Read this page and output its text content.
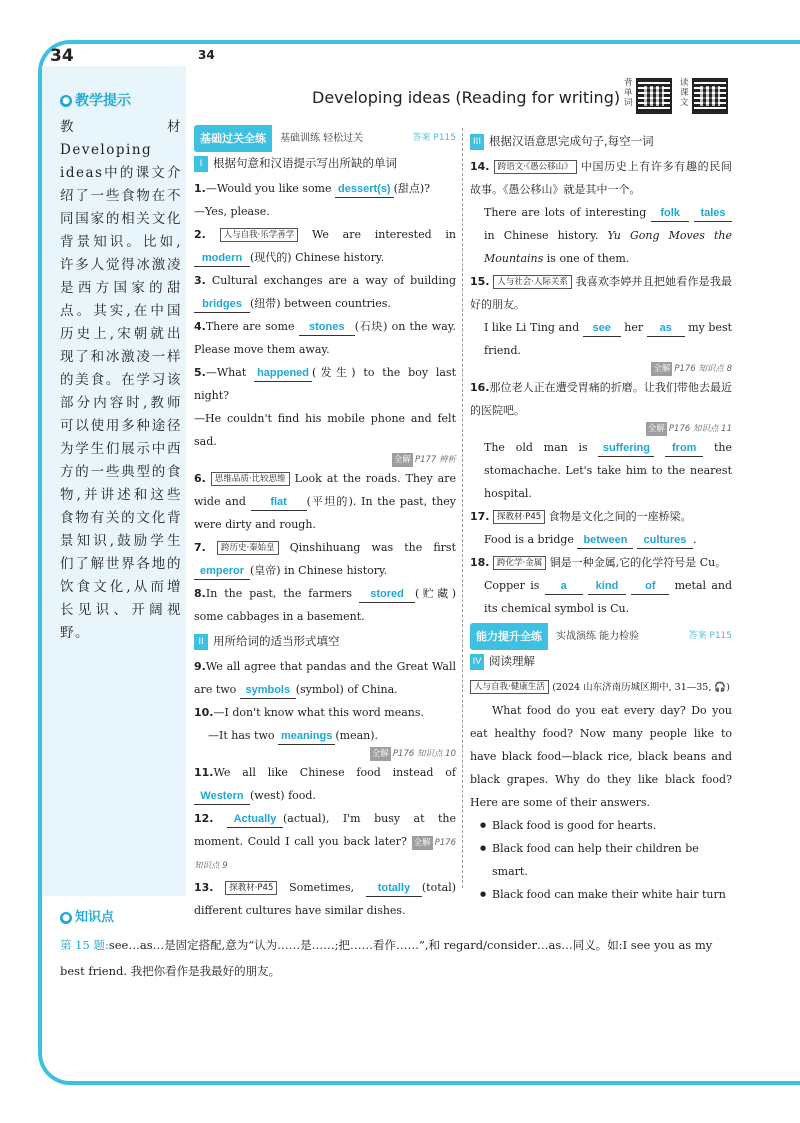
34
● 教学提示
教材 Developing ideas中的课文介绍了一些食物在不同国家的相关文化背景知识。比如,许多人觉得冰激凌是西方国家的甜点。其实,在中国历史上,宋朝就出现了和冰激凌一样的美食。在学习该部分内容时,教师可以使用多种途径为学生们展示中西方的一些典型的食物,并讲述和这些食物有关的文化背景知识,鼓励学生们了解世界各地的饮食文化,从而增长见识、开阔视野。
34
Developing ideas (Reading for writing)
背单词
读课文
基础过关全练	基础训练 轻松过关	答案 P115
I 根据句意和汉语提示写出所缺的单词
1.—Would you like some dessert(s) (甜点)?
—Yes, please.
2. 人与自我·乐学善学 We are interested in modern (现代的) Chinese history.
3. Cultural exchanges are a way of building bridges (纽带) between countries.
4.There are some stones (石块) on the way. Please move them away.
5.—What happened (发生) to the boy last night?
—He couldn't find his mobile phone and felt sad.
全解 P177 辨析
6. 思维品质·比较思维 Look at the roads. They are wide and flat (平坦的). In the past, they were dirty and rough.
7. 跨历史·秦始皇 Qinshihuang was the first emperor (皇帝) in Chinese history.
8.In the past, the farmers stored (贮藏) some cabbages in a basement.
II 用所给词的适当形式填空
9.We all agree that pandas and the Great Wall are two symbols (symbol) of China.
10.—I don't know what this word means.
—It has two meanings (mean).
全解 P176 知识点 10
11.We all like Chinese food instead of Western (west) food.
12. Actually (actual), I'm busy at the moment. Could I call you back later? 全解 P176 知识点 9
13. 探教材·P45 Sometimes, totally (total) different cultures have similar dishes.
III 根据汉语意思完成句子,每空一词
14. 跨语文·《愚公移山》 中国历史上有许多有趣的民间故事。《愚公移山》就是其中一个。
There are lots of interesting folk tales in Chinese history. Yu Gong Moves the Mountains is one of them.
15. 人与社会·人际关系 我喜欢李婷并且把她看作是我最好的朋友。
I like Li Ting and see her as my best friend.
全解 P176 知识点 8
16.那位老人正在遭受胃痛的折磨。让我们带他去最近的医院吧。
全解 P176 知识点 11
The old man is suffering from the stomachache. Let's take him to the nearest hospital.
17. 探教材·P45 食物是文化之间的一座桥梁。
Food is a bridge between cultures .
18. 跨化学·金属 铜是一种金属,它的化学符号是 Cu。
Copper is a	kind of metal and its chemical symbol is Cu.
能力提升全练	实战演练 能力检验	答案 P115
IV 阅读理解
人与自我·健康生活 (2024 山东济南历城区期中, 31—35, 🎧)
What food do you eat every day? Do you eat healthy food? Now many people like to have black food—black rice, black beans and black grapes. Why do they like black food? Here are some of their answers.
● Black food is good for hearts.
● Black food can help their children be smart.
● Black food can make their white hair turn
● 知识点
第 15 题:see…as…是固定搭配,意为“认为……是……;把……看作……”,和 regard/consider…as…同义。如:I see you as my best friend. 我把你看作是我最好的朋友。
